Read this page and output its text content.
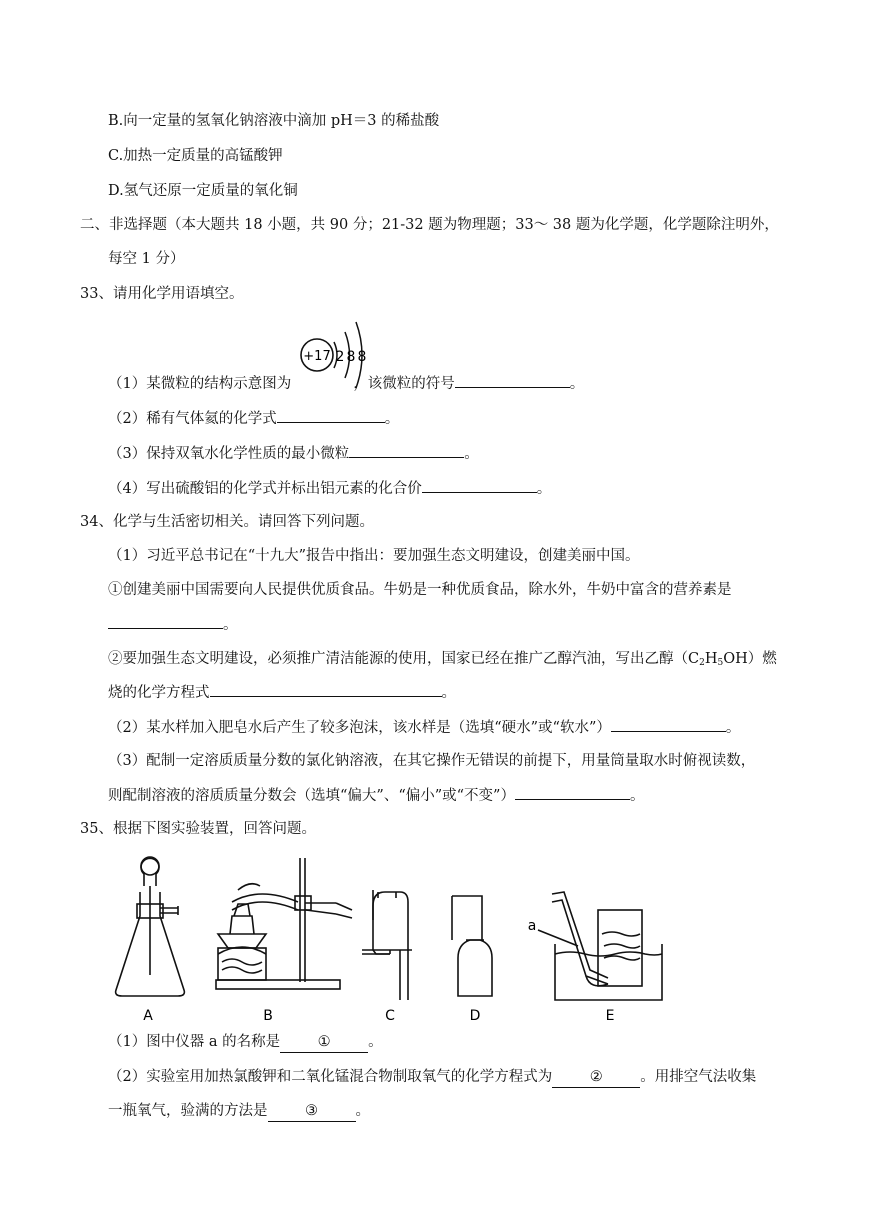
B.向一定量的氢氧化钠溶液中滴加 pH＝3 的稀盐酸
C.加热一定质量的高锰酸钾
D.氢气还原一定质量的氧化铜
二、非选择题（本大题共 18 小题，共 90 分；21-32 题为物理题；33～ 38 题为化学题，化学题除注明外，
每空 1 分）
33、请用化学用语填空。
+17 2 8 8
（1）某微粒的结构示意图为	，该微粒的符号	。
（2）稀有气体氦的化学式	。
（3）保持双氧水化学性质的最小微粒	。
（4）写出硫酸铝的化学式并标出铝元素的化合价	。
34、化学与生活密切相关。请回答下列问题。
（1）习近平总书记在“十九大”报告中指出：要加强生态文明建设，创建美丽中国。
①创建美丽中国需要向人民提供优质食品。牛奶是一种优质食品，除水外，牛奶中富含的营养素是
。
②要加强生态文明建设，必须推广清洁能源的使用，国家已经在推广乙醇汽油，写出乙醇$(C_2H_5OH)$燃
烧的化学方程式	。
（2）某水样加入肥皂水后产生了较多泡沫，该水样是（选填“硬水”或“软水”）	。
（3）配制一定溶质质量分数的氯化钠溶液，在其它操作无错误的前提下，用量筒量取水时俯视读数，
则配制溶液的溶质质量分数会（选填“偏大”、“偏小”或“不变”）	。
35、根据下图实验装置，回答问题。
A	B	C	D	E
a
（1）图中仪器 a 的名称是	①	。
（2）实验室用加热氯酸钾和二氧化锰混合物制取氧气的化学方程式为	②	。用排空气法收集
一瓶氧气，验满的方法是	③	。
